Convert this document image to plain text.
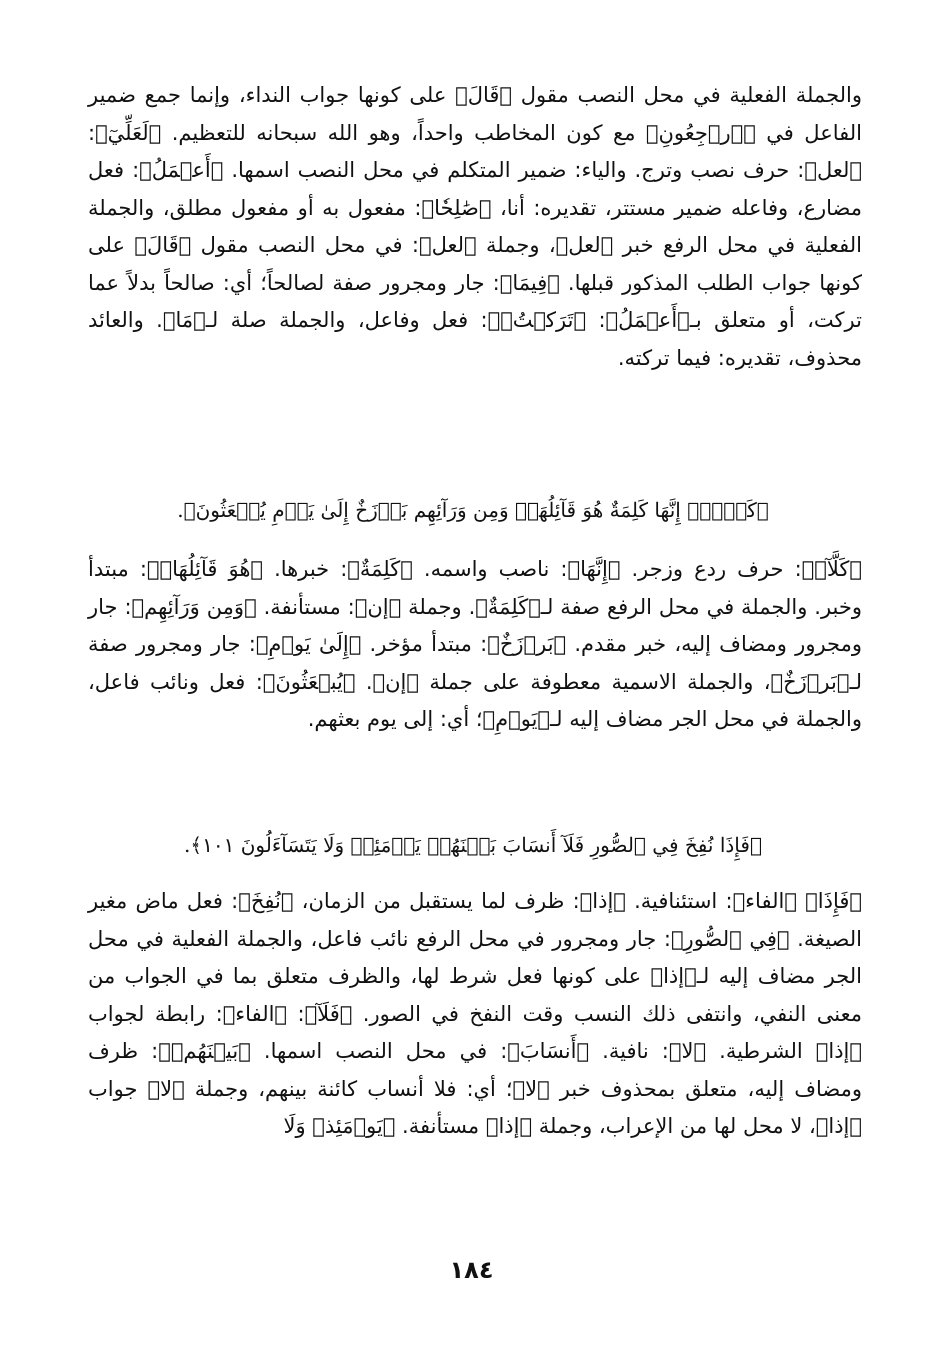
والجملة الفعلية في محل النصب مقول ﴿قَالَ﴾ على كونها جواب النداء، وإنما جمع ضمير الفاعل في ﴿ٱرۡجِعُونِ﴾ مع كون المخاطب واحداً، وهو الله سبحانه للتعظيم. ﴿لَعَلِّيٓ﴾: ﴿لعل﴾: حرف نصب وترج. والياء: ضمير المتكلم في محل النصب اسمها. ﴿أَعۡمَلُ﴾: فعل مضارع، وفاعله ضمير مستتر، تقديره: أنا، ﴿صَٰلِحٗا﴾: مفعول به أو مفعول مطلق، والجملة الفعلية في محل الرفع خبر ﴿لعل﴾، وجملة ﴿لعل﴾: في محل النصب مقول ﴿قَالَ﴾ على كونها جواب الطلب المذكور قبلها. ﴿فِيمَا﴾: جار ومجرور صفة لصالحاً؛ أي: صالحاً بدلاً عما تركت، أو متعلق بـ﴿أَعۡمَلُ﴾: ﴿تَرَكۡتُۚ﴾: فعل وفاعل، والجملة صلة لـ﴿مَا﴾. والعائد محذوف، تقديره: فيما تركته.

﴿كَلَّآۚ إِنَّهَا كَلِمَةٌ هُوَ قَآئِلُهَاۖ وَمِن وَرَآئِهِم بَرۡزَخٌ إِلَىٰ يَوۡمِ يُبۡعَثُونَ﴾.

﴿كَلَّآۚ﴾: حرف ردع وزجر. ﴿إِنَّهَا﴾: ناصب واسمه. ﴿كَلِمَةٌ﴾: خبرها. ﴿هُوَ قَآئِلُهَاۖ﴾: مبتدأ وخبر. والجملة في محل الرفع صفة لـ﴿كَلِمَةٌ﴾. وجملة ﴿إن﴾: مستأنفة. ﴿وَمِن وَرَآئِهِم﴾: جار ومجرور ومضاف إليه، خبر مقدم. ﴿بَرۡزَخٌ﴾: مبتدأ مؤخر. ﴿إِلَىٰ يَوۡمِ﴾: جار ومجرور صفة لـ﴿بَرۡزَخٌ﴾، والجملة الاسمية معطوفة على جملة ﴿إن﴾. ﴿يُبۡعَثُونَ﴾: فعل ونائب فاعل، والجملة في محل الجر مضاف إليه لـ﴿يَوۡمِ﴾؛ أي: إلى يوم بعثهم.

﴿فَإِذَا نُفِخَ فِي ٱلصُّورِ فَلَآ أَنسَابَ بَيۡنَهُمۡ يَوۡمَئِذٖ وَلَا يَتَسَآءَلُونَ ١٠١﴾.

﴿فَإِذَا﴾ ﴿الفاء﴾: استئنافية. ﴿إذا﴾: ظرف لما يستقبل من الزمان، ﴿نُفِخَ﴾: فعل ماض مغير الصيغة. ﴿فِي ٱلصُّورِ﴾: جار ومجرور في محل الرفع نائب فاعل، والجملة الفعلية في محل الجر مضاف إليه لـ﴿إذا﴾ على كونها فعل شرط لها، والظرف متعلق بما في الجواب من معنى النفي، وانتفى ذلك النسب وقت النفخ في الصور. ﴿فَلَآ﴾: ﴿الفاء﴾: رابطة لجواب ﴿إذا﴾ الشرطية. ﴿لا﴾: نافية. ﴿أَنسَابَ﴾: في محل النصب اسمها. ﴿بَيۡنَهُمۡ﴾: ظرف ومضاف إليه، متعلق بمحذوف خبر ﴿لا﴾؛ أي: فلا أنساب كائنة بينهم، وجملة ﴿لا﴾ جواب ﴿إذا﴾، لا محل لها من الإعراب، وجملة ﴿إذا﴾ مستأنفة. ﴿يَوۡمَئِذٖ وَلَا

١٨٤
